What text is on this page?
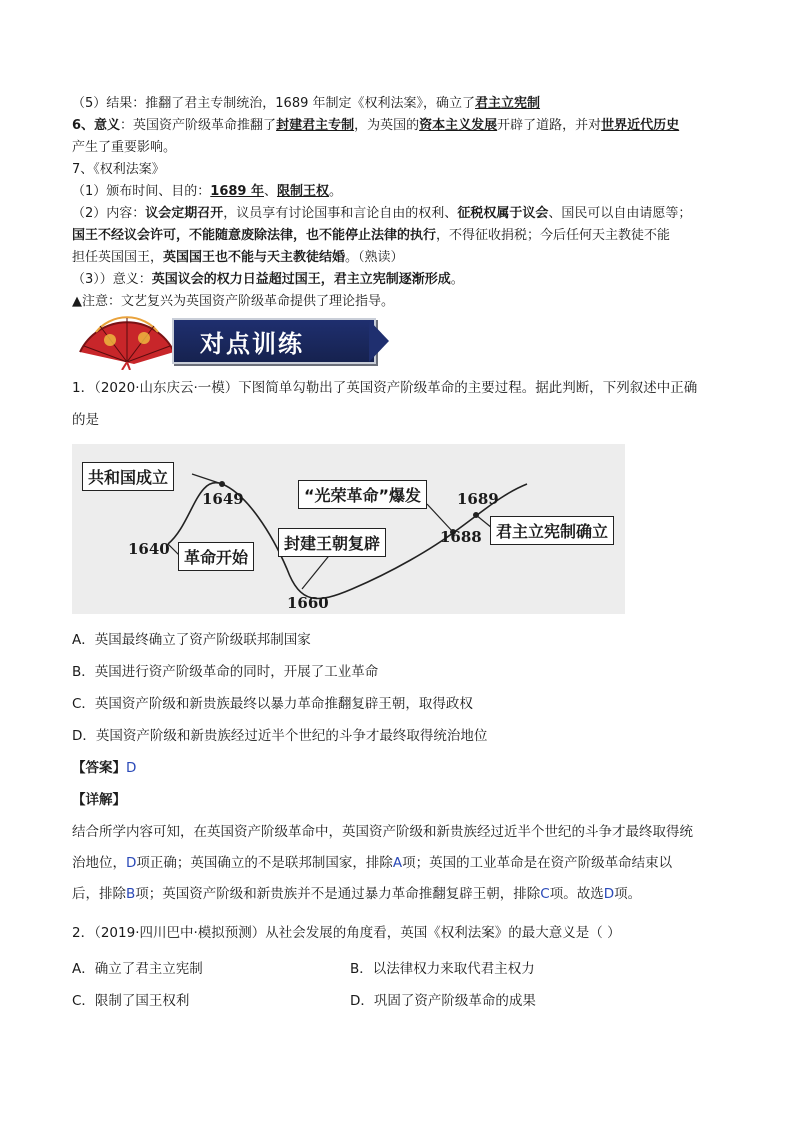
（5）结果：推翻了君主专制统治，1689 年制定《权利法案》，确立了君主立宪制
6、意义：英国资产阶级革命推翻了封建君主专制，为英国的资本主义发展开辟了道路，并对世界近代历史
产生了重要影响。
7、《权利法案》
（1）颁布时间、目的：1689 年、限制王权。
（2）内容：议会定期召开，议员享有讨论国事和言论自由的权利、征税权属于议会、国民可以自由请愿等；
国王不经议会许可，不能随意废除法律，也不能停止法律的执行，不得征收捐税；今后任何天主教徒不能
担任英国国王，英国国王也不能与天主教徒结婚。（熟读）
（3））意义：英国议会的权力日益超过国王，君主立宪制逐渐形成。
▲注意：文艺复兴为英国资产阶级革命提供了理论指导。
对点训练
1．（2020·山东庆云·一模）下图简单勾勒出了英国资产阶级革命的主要过程。据此判断，下列叙述中正确
的是
共和国成立
革命开始
封建王朝复辟
“光荣革命”爆发
君主立宪制确立
1640
1649
1660
1688
1689
A．英国最终确立了资产阶级联邦制国家
B．英国进行资产阶级革命的同时，开展了工业革命
C．英国资产阶级和新贵族最终以暴力革命推翻复辟王朝，取得政权
D．英国资产阶级和新贵族经过近半个世纪的斗争才最终取得统治地位
【答案】D
【详解】
结合所学内容可知，在英国资产阶级革命中，英国资产阶级和新贵族经过近半个世纪的斗争才最终取得统
治地位，D项正确；英国确立的不是联邦制国家，排除A项；英国的工业革命是在资产阶级革命结束以
后，排除B项；英国资产阶级和新贵族并不是通过暴力革命推翻复辟王朝，排除C项。故选D项。
2．（2019·四川巴中·模拟预测）从社会发展的角度看，英国《权利法案》的最大意义是（ ）
A．确立了君主立宪制	B．以法律权力来取代君主权力
C．限制了国王权利	D．巩固了资产阶级革命的成果
